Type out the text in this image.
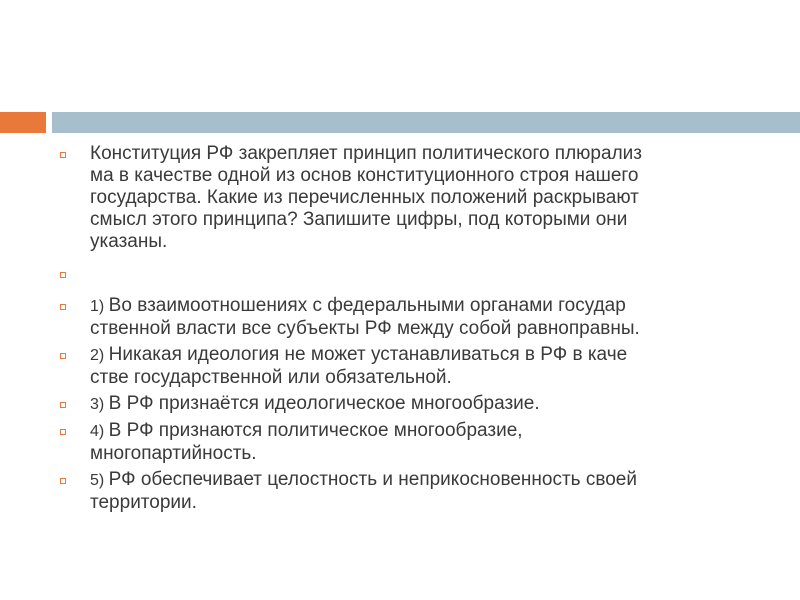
Конституция РФ закрепляет принцип политического плюрализ
ма в качестве одной из основ конституционного строя нашего
государства. Какие из перечисленных положений раскрывают
смысл этого принципа? Запишите цифры, под которыми они
указаны.
1) Во взаимоотношениях с федеральными органами государ
ственной власти все субъекты РФ между собой равноправны.
2) Никакая идеология не может устанавливаться в РФ в каче
стве государственной или обязательной.
3) В РФ признаётся идеологическое многообразие.
4) В РФ признаются политическое многообразие,
многопартийность.
5) РФ обеспечивает целостность и неприкосновенность своей
территории.
